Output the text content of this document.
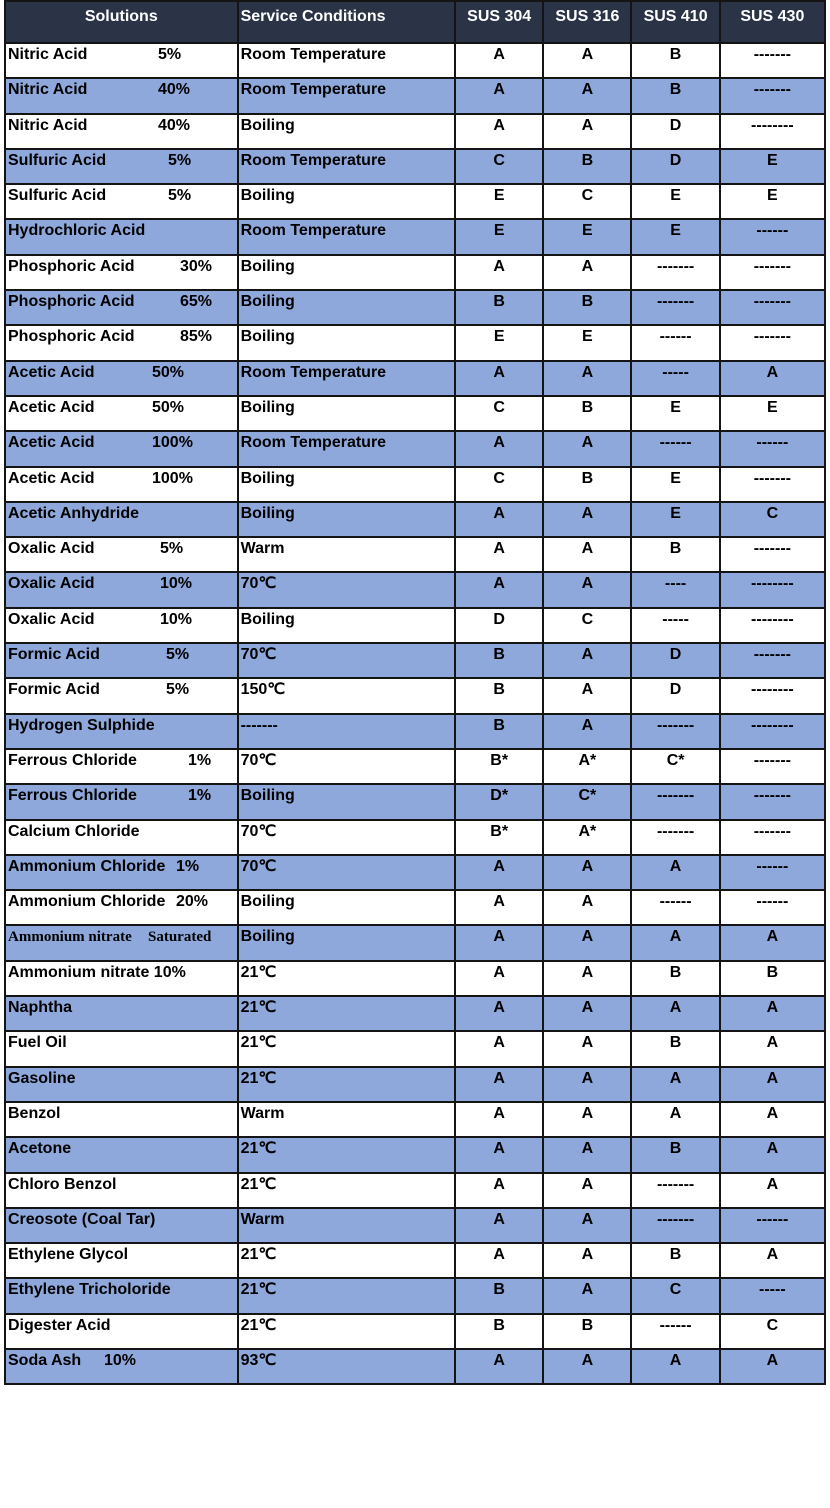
Solutions	Service Conditions	SUS 304	SUS 316	SUS 410	SUS 430
Nitric Acid 5%	Room Temperature	A	A	B	-------
Nitric Acid 40%	Room Temperature	A	A	B	-------
Nitric Acid 40%	Boiling	A	A	D	--------
Sulfuric Acid 5%	Room Temperature	C	B	D	E
Sulfuric Acid 5%	Boiling	E	C	E	E
Hydrochloric Acid	Room Temperature	E	E	E	------
Phosphoric Acid 30%	Boiling	A	A	-------	-------
Phosphoric Acid 65%	Boiling	B	B	-------	-------
Phosphoric Acid 85%	Boiling	E	E	------	-------
Acetic Acid 50%	Room Temperature	A	A	-----	A
Acetic Acid 50%	Boiling	C	B	E	E
Acetic Acid 100%	Room Temperature	A	A	------	------
Acetic Acid 100%	Boiling	C	B	E	-------
Acetic Anhydride	Boiling	A	A	E	C
Oxalic Acid 5%	Warm	A	A	B	-------
Oxalic Acid 10%	70℃	A	A	----	--------
Oxalic Acid 10%	Boiling	D	C	-----	--------
Formic Acid 5%	70℃	B	A	D	-------
Formic Acid 5%	150℃	B	A	D	--------
Hydrogen Sulphide	-------	B	A	-------	--------
Ferrous Chloride 1%	70℃	B*	A*	C*	-------
Ferrous Chloride 1%	Boiling	D*	C*	-------	-------
Calcium Chloride	70℃	B*	A*	-------	-------
Ammonium Chloride 1%	70℃	A	A	A	------
Ammonium Chloride 20%	Boiling	A	A	------	------
Ammonium nitrate Saturated	Boiling	A	A	A	A
Ammonium nitrate 10%	21℃	A	A	B	B
Naphtha	21℃	A	A	A	A
Fuel Oil	21℃	A	A	B	A
Gasoline	21℃	A	A	A	A
Benzol	Warm	A	A	A	A
Acetone	21℃	A	A	B	A
Chloro Benzol	21℃	A	A	-------	A
Creosote (Coal Tar)	Warm	A	A	-------	------
Ethylene Glycol	21℃	A	A	B	A
Ethylene Tricholoride	21℃	B	A	C	-----
Digester Acid	21℃	B	B	------	C
Soda Ash 10%	93℃	A	A	A	A
